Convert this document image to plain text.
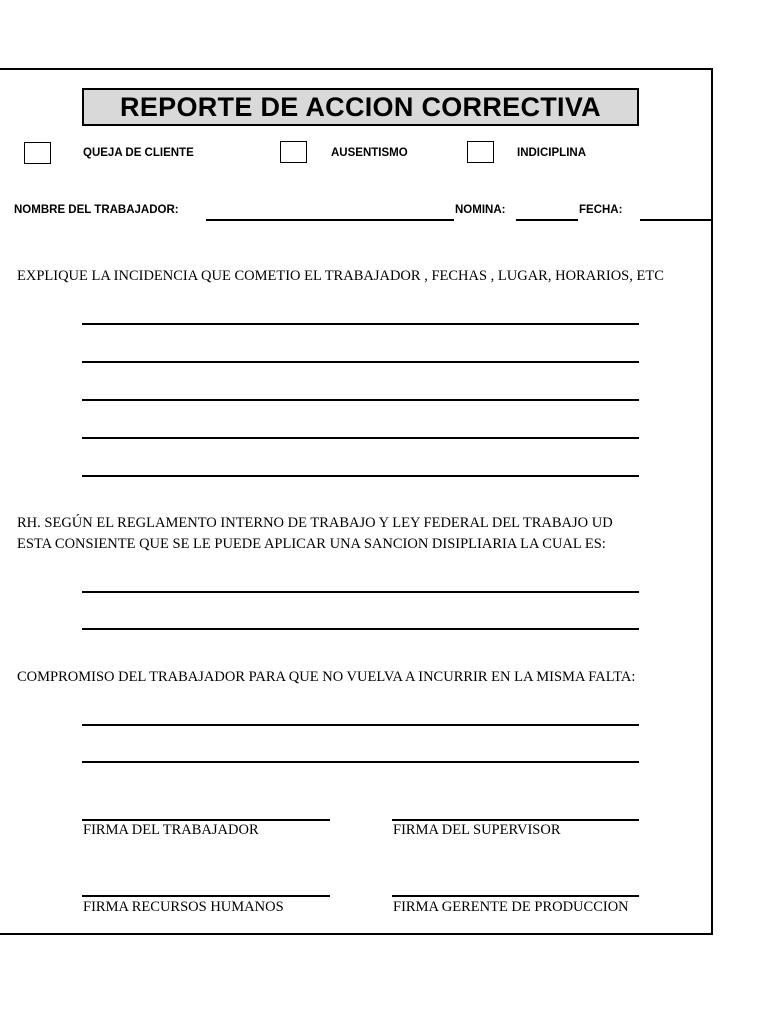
REPORTE DE ACCION CORRECTIVA
QUEJA DE CLIENTE	AUSENTISMO	INDICIPLINA
NOMBRE DEL TRABAJADOR:	NOMINA:	FECHA:
EXPLIQUE LA INCIDENCIA QUE COMETIO EL TRABAJADOR , FECHAS , LUGAR, HORARIOS, ETC
RH. SEGÚN EL REGLAMENTO INTERNO DE TRABAJO Y LEY FEDERAL DEL TRABAJO UD
ESTA CONSIENTE QUE SE LE PUEDE APLICAR UNA SANCION DISIPLIARIA LA CUAL ES:
COMPROMISO DEL TRABAJADOR PARA QUE NO VUELVA A INCURRIR EN LA MISMA FALTA:
FIRMA DEL TRABAJADOR	FIRMA DEL SUPERVISOR
FIRMA RECURSOS HUMANOS	FIRMA GERENTE DE PRODUCCION
